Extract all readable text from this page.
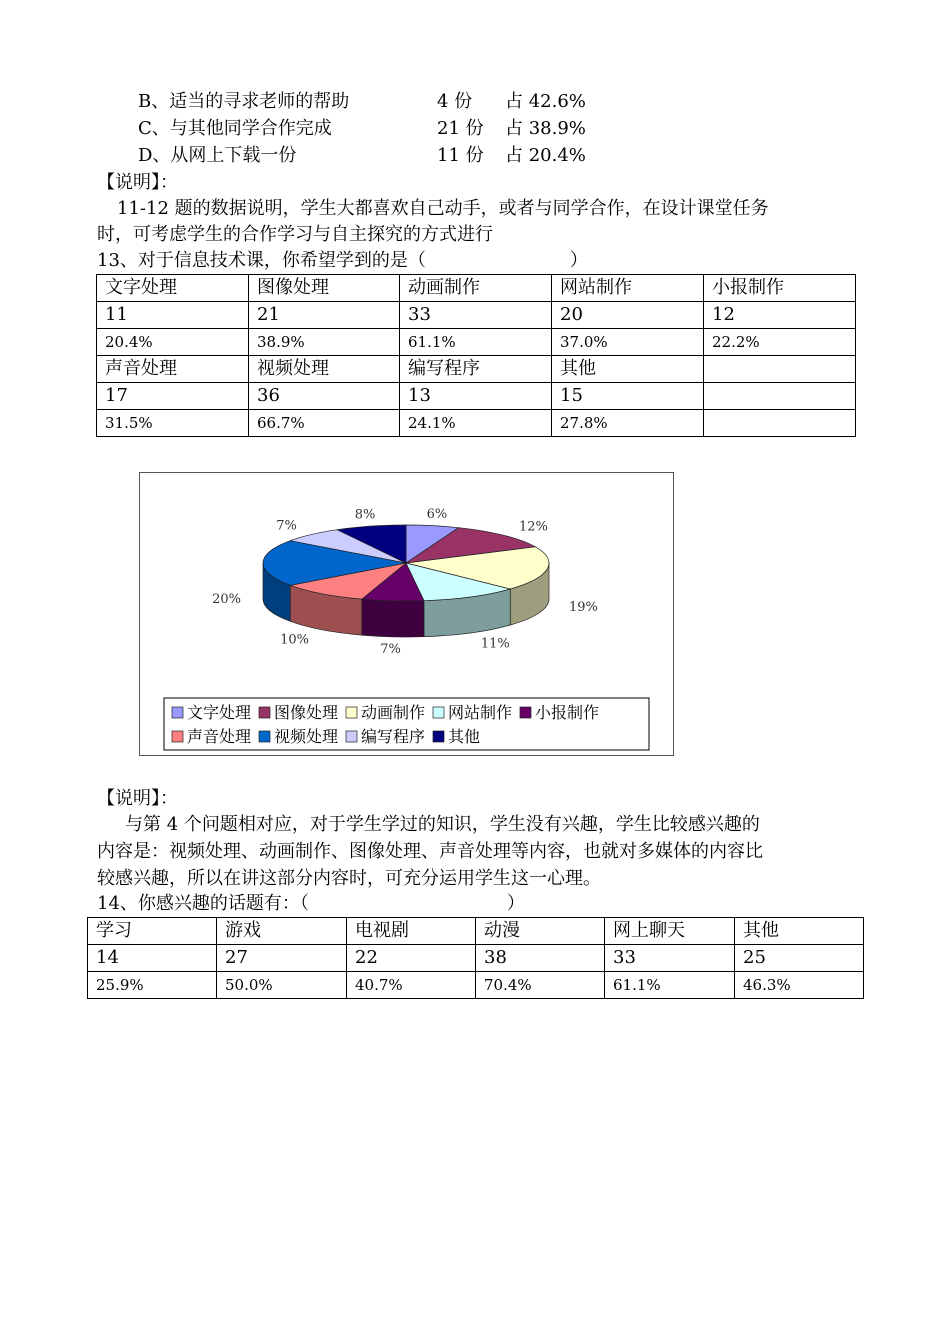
B、适当的寻求老师的帮助	4 份 占 42.6%
C、与其他同学合作完成	21 份 占 38.9%
D、从网上下载一份	11 份 占 20.4%
【说明】：
11-12 题的数据说明，学生大都喜欢自己动手，或者与同学合作，在设计课堂任务
时，可考虑学生的合作学习与自主探究的方式进行
13、对于信息技术课，你希望学到的是（　　　　　　　　）
文字处理	图像处理	动画制作	网站制作	小报制作
11	21	33	20	12
20.4%	38.9%	61.1%	37.0%	22.2%
声音处理	视频处理	编写程序	其他	
17	36	13	15	
31.5%	66.7%	24.1%	27.8%	
6%
12%
19%
11%
7%
10%
20%
7%
8%
文字处理 图像处理 动画制作 网站制作 小报制作
声音处理 视频处理 编写程序 其他
【说明】：
与第 4 个问题相对应，对于学生学过的知识，学生没有兴趣，学生比较感兴趣的
内容是：视频处理、动画制作、图像处理、声音处理等内容，也就对多媒体的内容比
较感兴趣，所以在讲这部分内容时，可充分运用学生这一心理。
14、你感兴趣的话题有：（　　　　　　　　　　　）
学习	游戏	电视剧	动漫	网上聊天	其他
14	27	22	38	33	25
25.9%	50.0%	40.7%	70.4%	61.1%	46.3%
